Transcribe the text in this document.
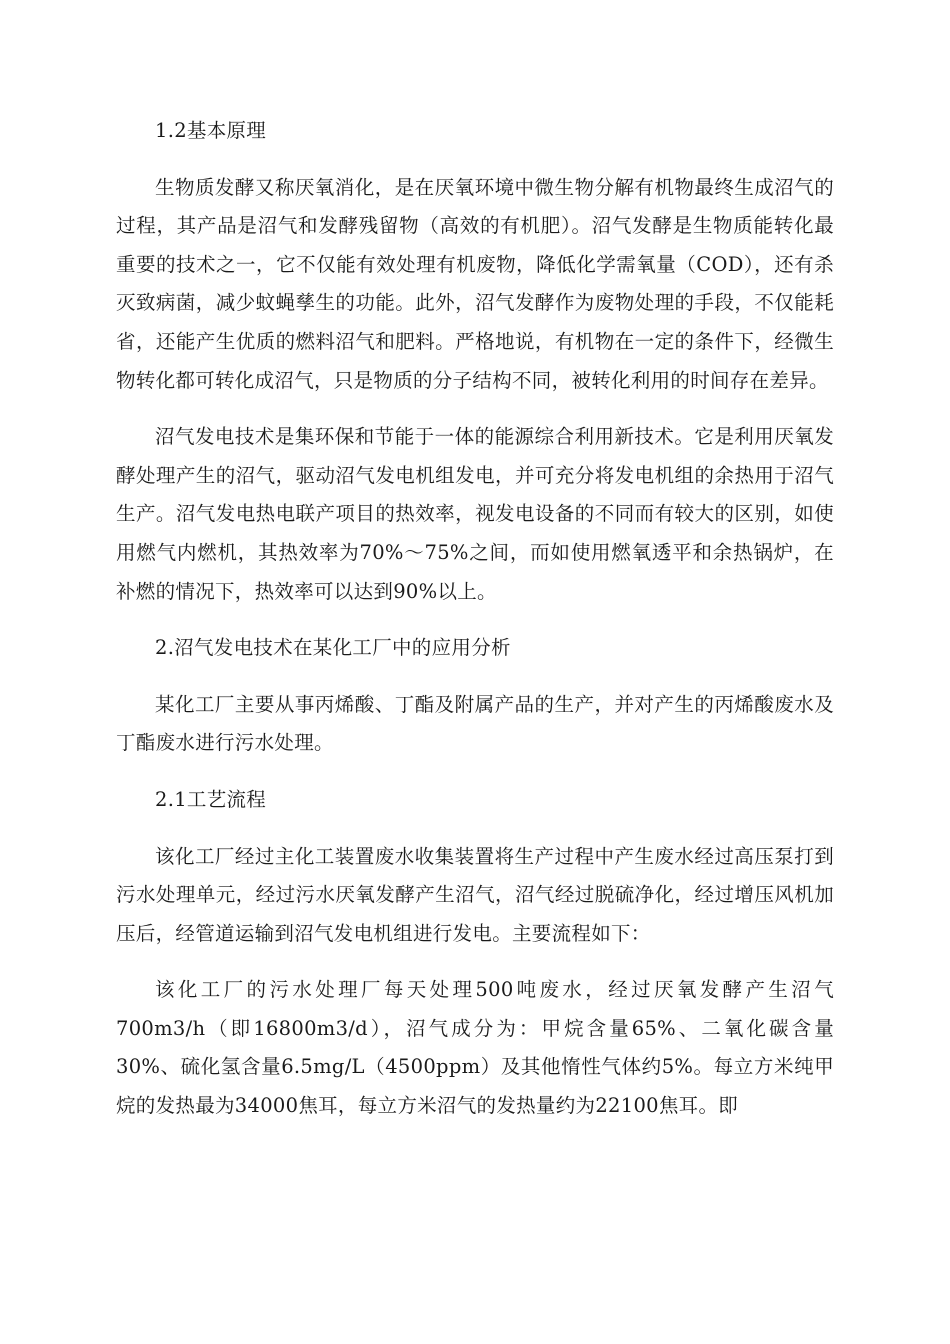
1.2基本原理

生物质发酵又称厌氧消化，是在厌氧环境中微生物分解有机物最终生成沼气的过程，其产品是沼气和发酵残留物（高效的有机肥）。沼气发酵是生物质能转化最重要的技术之一，它不仅能有效处理有机废物，降低化学需氧量（COD），还有杀灭致病菌，减少蚊蝇孳生的功能。此外，沼气发酵作为废物处理的手段，不仅能耗省，还能产生优质的燃料沼气和肥料。严格地说，有机物在一定的条件下，经微生物转化都可转化成沼气，只是物质的分子结构不同，被转化利用的时间存在差异。

沼气发电技术是集环保和节能于一体的能源综合利用新技术。它是利用厌氧发酵处理产生的沼气，驱动沼气发电机组发电，并可充分将发电机组的余热用于沼气生产。沼气发电热电联产项目的热效率，视发电设备的不同而有较大的区别，如使用燃气内燃机，其热效率为70%～75%之间，而如使用燃氧透平和余热锅炉，在补燃的情况下，热效率可以达到90%以上。

2.沼气发电技术在某化工厂中的应用分析

某化工厂主要从事丙烯酸、丁酯及附属产品的生产，并对产生的丙烯酸废水及丁酯废水进行污水处理。

2.1工艺流程

该化工厂经过主化工装置废水收集装置将生产过程中产生废水经过高压泵打到污水处理单元，经过污水厌氧发酵产生沼气，沼气经过脱硫净化，经过增压风机加压后，经管道运输到沼气发电机组进行发电。主要流程如下：

该化工厂的污水处理厂每天处理500吨废水，经过厌氧发酵产生沼气700m3/h（即16800m3/d），沼气成分为：甲烷含量65%、二氧化碳含量30%、硫化氢含量6.5mg/L（4500ppm）及其他惰性气体约5%。每立方米纯甲烷的发热最为34000焦耳，每立方米沼气的发热量约为22100焦耳。即
